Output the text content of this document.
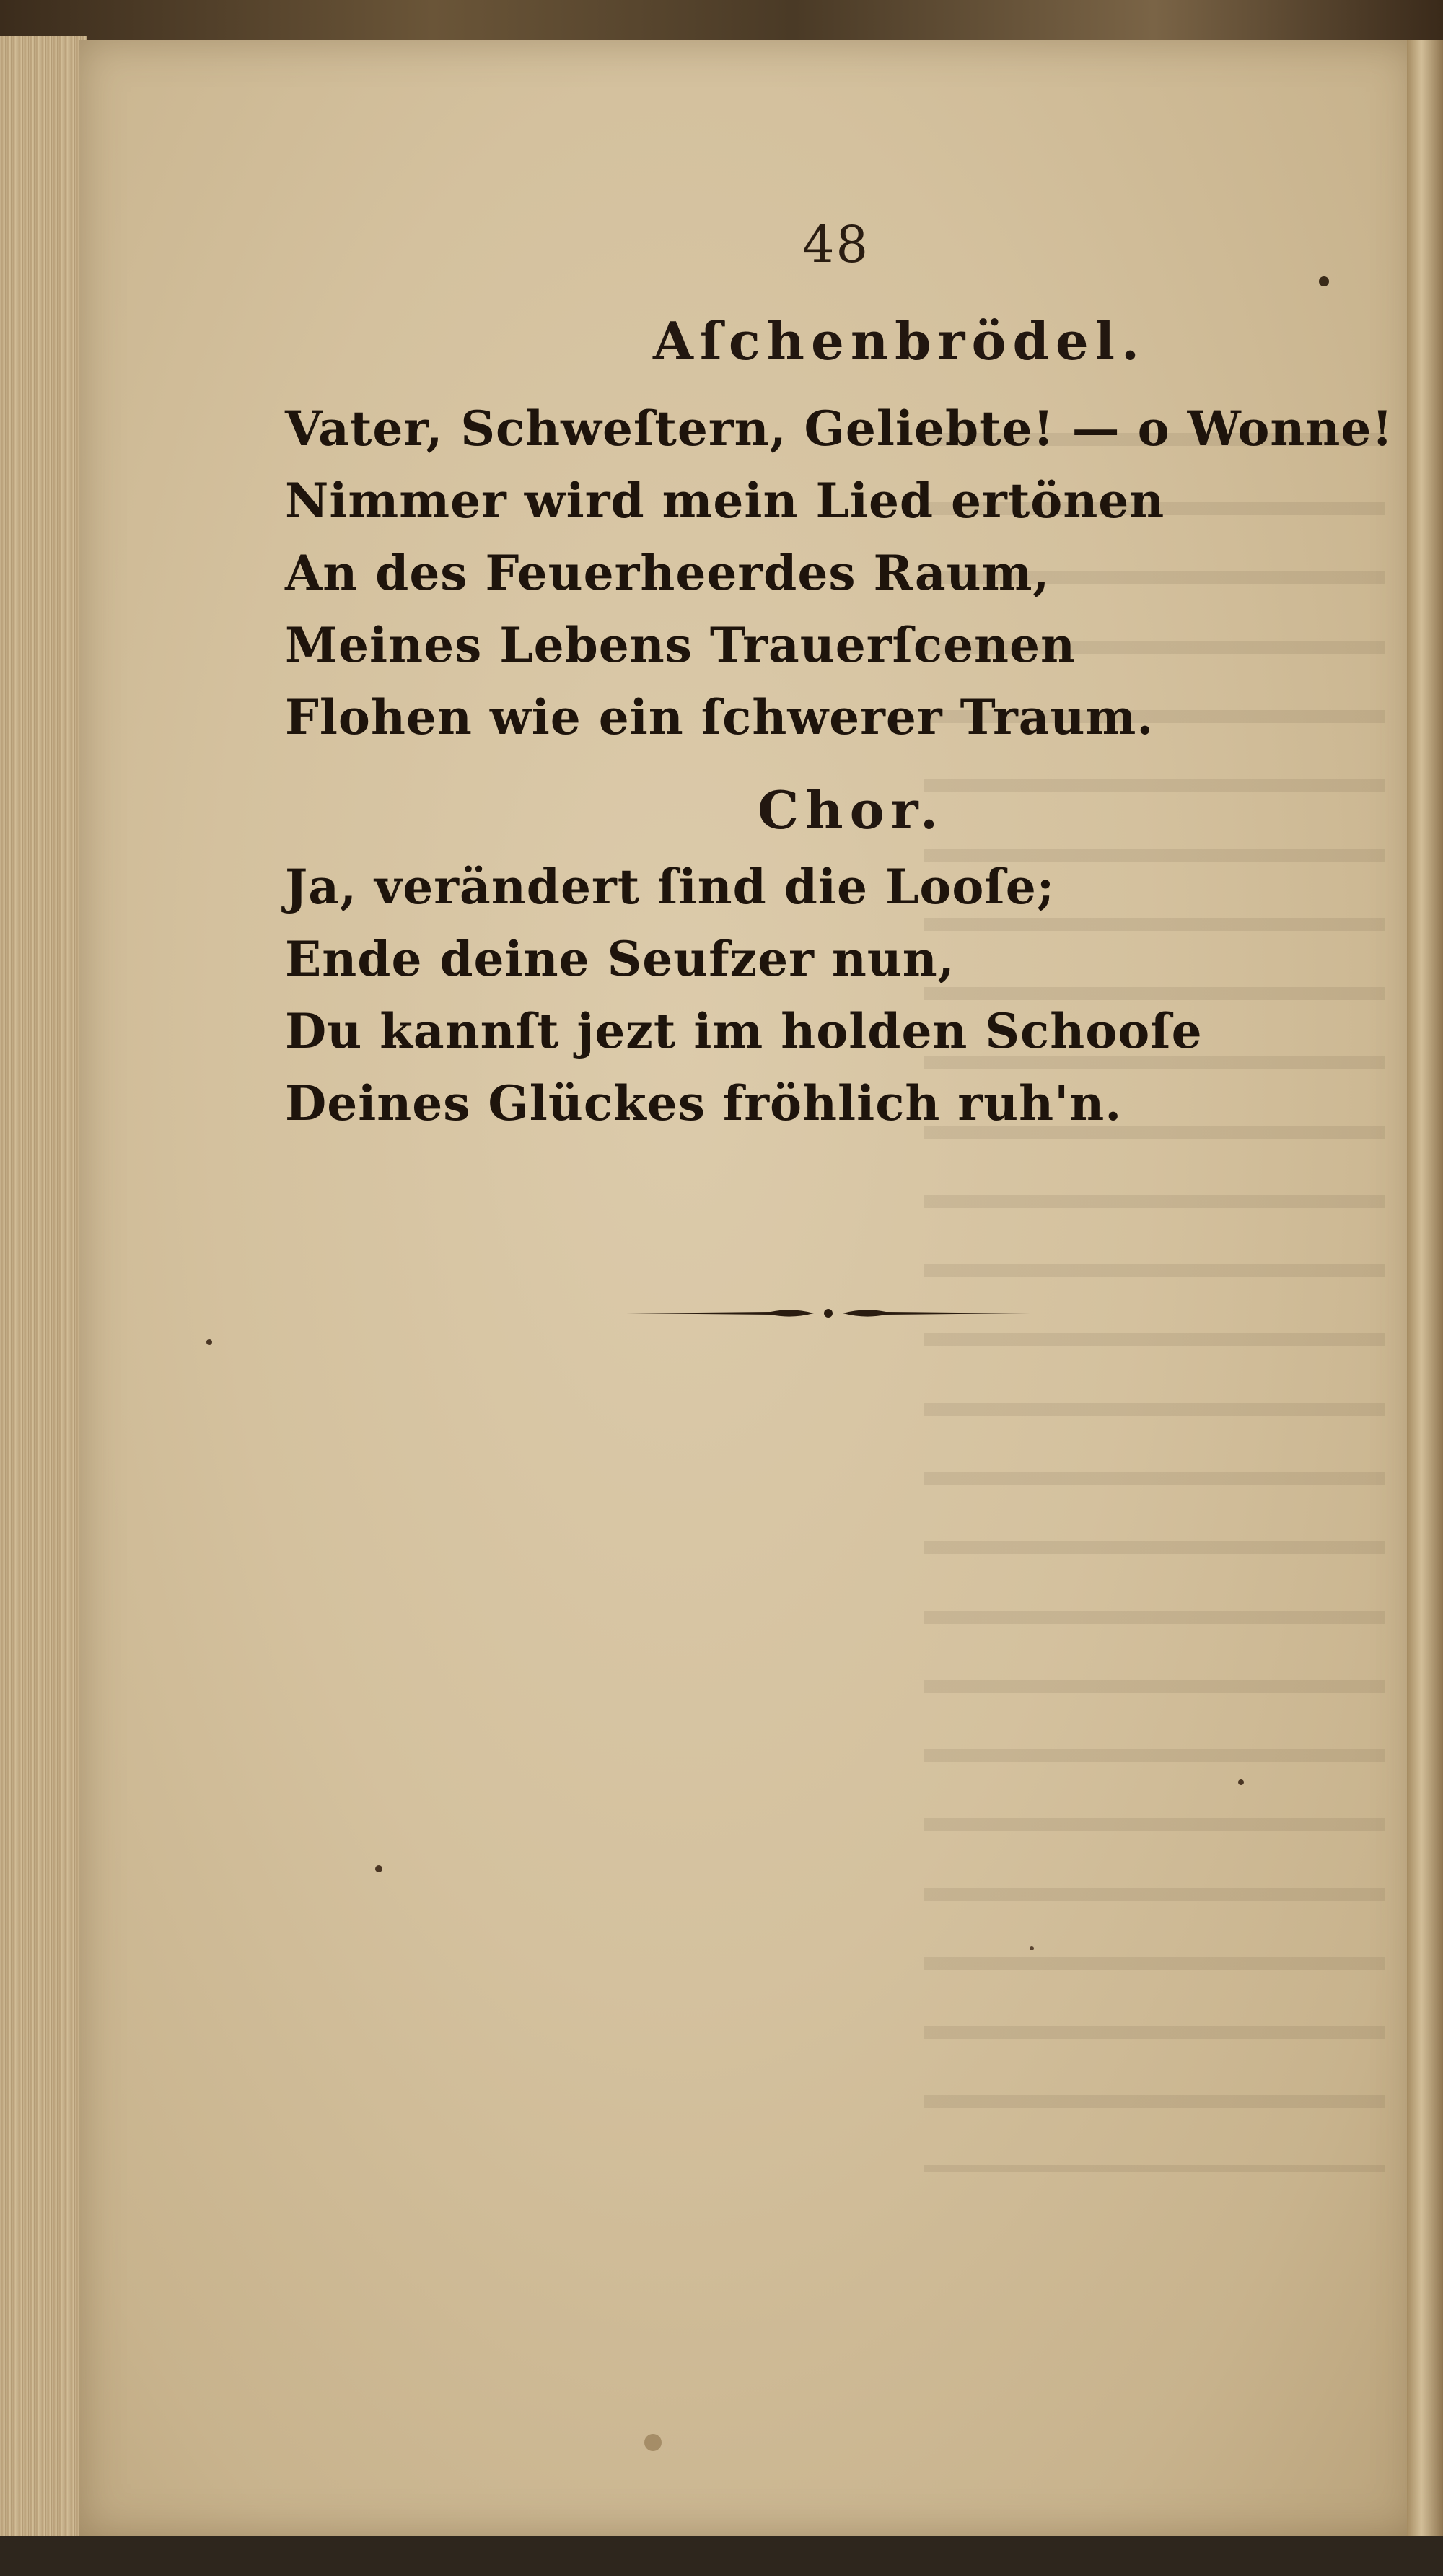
48
Aſchenbrödel.
Vater, Schweſtern, Geliebte! — o Wonne!
Nimmer wird mein Lied ertönen
An des Feuerheerdes Raum,
Meines Lebens Trauerſcenen
Flohen wie ein ſchwerer Traum.
Chor.
Ja, verändert ſind die Looſe;
Ende deine Seufzer nun,
Du kannſt jezt im holden Schooſe
Deines Glückes fröhlich ruh'n.
